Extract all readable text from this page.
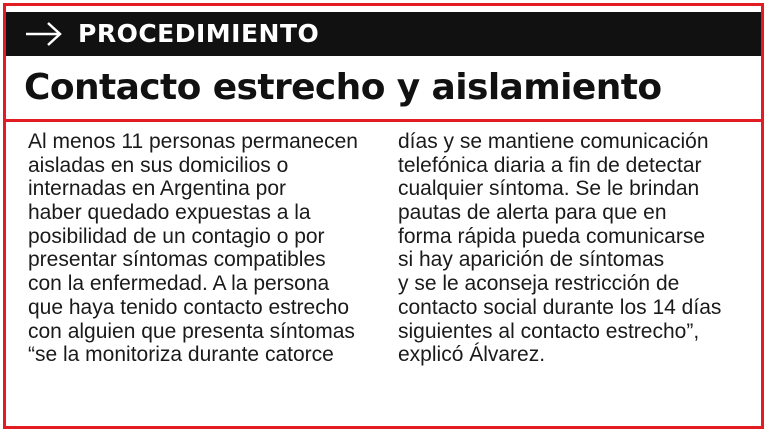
PROCEDIMIENTO
Contacto estrecho y aislamiento
Al menos 11 personas permanecen
aisladas en sus domicilios o
internadas en Argentina por
haber quedado expuestas a la
posibilidad de un contagio o por
presentar síntomas compatibles
con la enfermedad. A la persona
que haya tenido contacto estrecho
con alguien que presenta síntomas
“se la monitoriza durante catorce
días y se mantiene comunicación
telefónica diaria a fin de detectar
cualquier síntoma. Se le brindan
pautas de alerta para que en
forma rápida pueda comunicarse
si hay aparición de síntomas
y se le aconseja restricción de
contacto social durante los 14 días
siguientes al contacto estrecho”,
explicó Álvarez.
